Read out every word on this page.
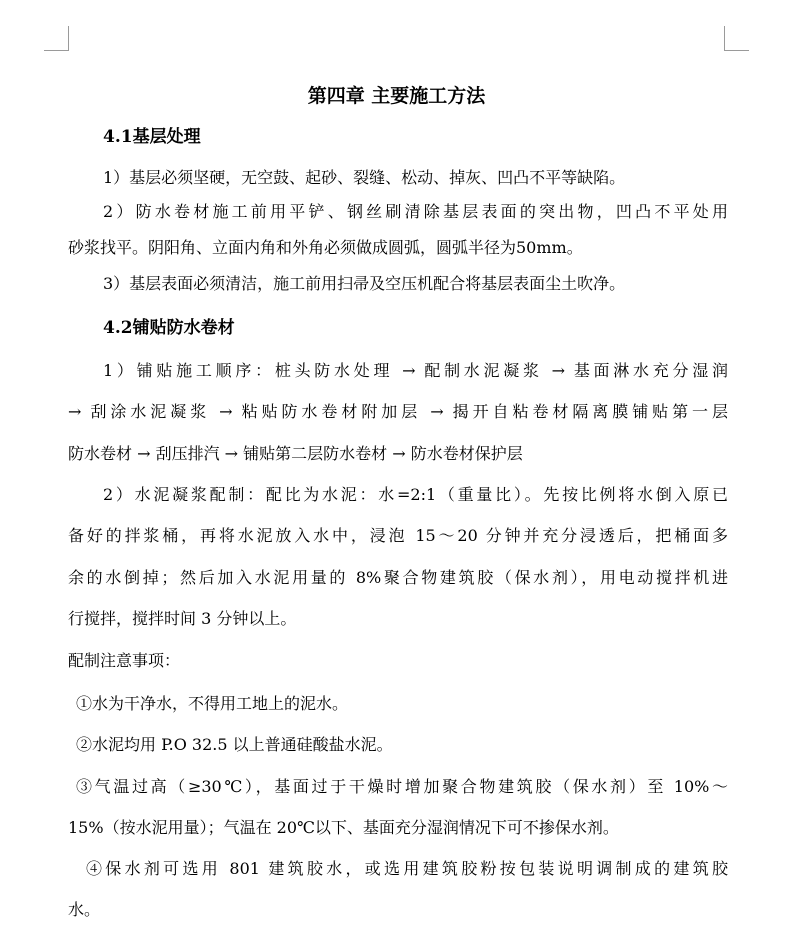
第四章 主要施工方法
4.1基层处理
1）基层必须坚硬，无空鼓、起砂、裂缝、松动、掉灰、凹凸不平等缺陷。
2）防水卷材施工前用平铲、钢丝刷清除基层表面的突出物，凹凸不平处用
砂浆找平。阴阳角、立面内角和外角必须做成圆弧，圆弧半径为50mm。
3）基层表面必须清洁，施工前用扫帚及空压机配合将基层表面尘土吹净。
4.2铺贴防水卷材
1）铺贴施工顺序：桩头防水处理 → 配制水泥凝浆 → 基面淋水充分湿润
→ 刮涂水泥凝浆 → 粘贴防水卷材附加层 → 揭开自粘卷材隔离膜铺贴第一层
防水卷材 → 刮压排汽 → 铺贴第二层防水卷材 → 防水卷材保护层
2）水泥凝浆配制：配比为水泥：水=2:1（重量比）。先按比例将水倒入原已
备好的拌浆桶，再将水泥放入水中，浸泡 15～20 分钟并充分浸透后，把桶面多
余的水倒掉；然后加入水泥用量的 8%聚合物建筑胶（保水剂），用电动搅拌机进
行搅拌，搅拌时间 3 分钟以上。
配制注意事项：
①水为干净水，不得用工地上的泥水。
②水泥均用 P.O 32.5 以上普通硅酸盐水泥。
③气温过高（≥30℃），基面过于干燥时增加聚合物建筑胶（保水剂）至 10%～
15%（按水泥用量）；气温在 20℃以下、基面充分湿润情况下可不掺保水剂。
④保水剂可选用 801 建筑胶水，或选用建筑胶粉按包装说明调制成的建筑胶
水。
